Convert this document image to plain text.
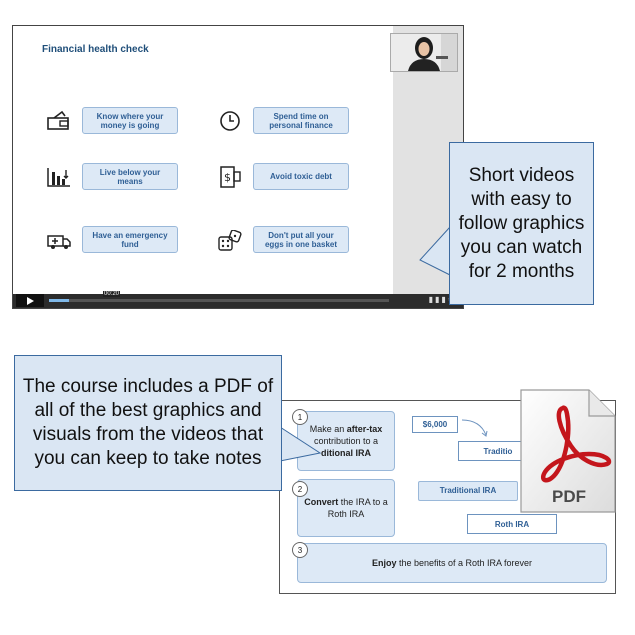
Financial health check
$
Know where your money is going
Spend time on personal finance
Live below your means	Avoid toxic debt
Have an emergency fund
Don't put all your eggs in one basket
00:20
▮▮▮
Short videos with easy to follow graphics you can watch for 2 months
Make an after-tax contribution to a ditional IRA
1
$6,000
Traditio
Convert the IRA to a Roth IRA
2	Traditional IRA
Roth IRA
Enjoy the benefits of a Roth IRA forever
3
PDF
The course includes a PDF of all of the best graphics and visuals from the videos that you can keep to take notes
